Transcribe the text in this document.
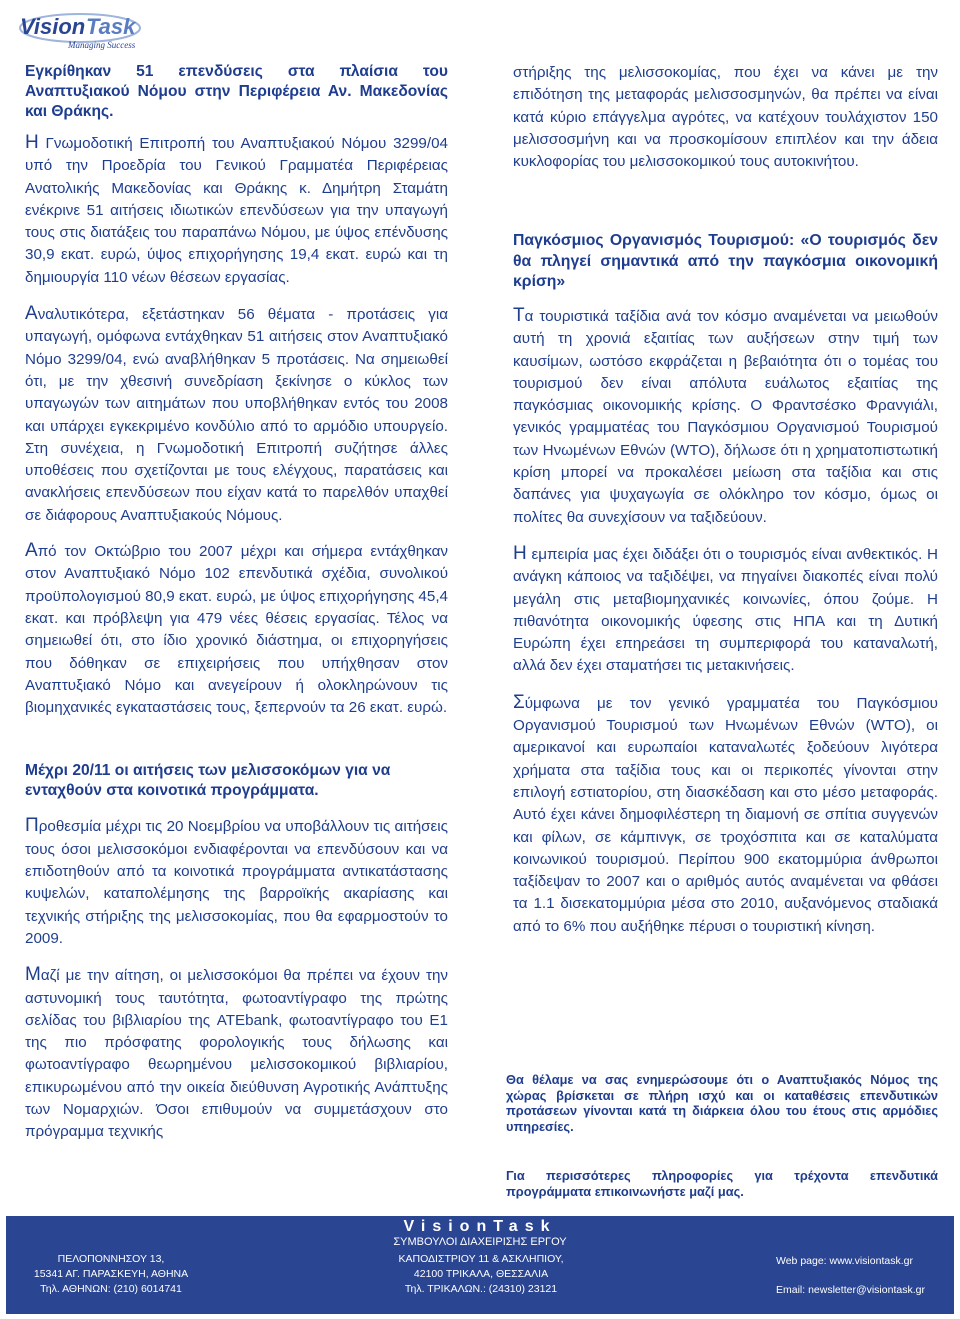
Vision Task
Managing Success
Εγκρίθηκαν 51 επενδύσεις στα πλαίσια του Αναπτυξιακού Νόμου στην Περιφέρεια Αν. Μακεδονίας και Θράκης.
Η Γνωμοδοτική Επιτροπή του Αναπτυξιακού Νόμου 3299/04 υπό την Προεδρία του Γενικού Γραμματέα Περιφέρειας Ανατολικής Μακεδονίας και Θράκης κ. Δημήτρη Σταμάτη ενέκρινε 51 αιτήσεις ιδιωτικών επενδύσεων για την υπαγωγή τους στις διατάξεις του παραπάνω Νόμου, με ύψος επένδυσης 30,9 εκατ. ευρώ, ύψος επιχορήγησης 19,4 εκατ. ευρώ και τη δημιουργία 110 νέων θέσεων εργασίας.
Αναλυτικότερα, εξετάστηκαν 56 θέματα - προτάσεις για υπαγωγή, ομόφωνα εντάχθηκαν 51 αιτήσεις στον Αναπτυξιακό Νόμο 3299/04, ενώ αναβλήθηκαν 5 προτάσεις. Να σημειωθεί ότι, με την χθεσινή συνεδρίαση ξεκίνησε ο κύκλος των υπαγωγών των αιτημάτων που υποβλήθηκαν εντός του 2008 και υπάρχει εγκεκριμένο κονδύλιο από το αρμόδιο υπουργείο. Στη συνέχεια, η Γνωμοδοτική Επιτροπή συζήτησε άλλες υποθέσεις που σχετίζονται με τους ελέγχους, παρατάσεις και ανακλήσεις επενδύσεων που είχαν κατά το παρελθόν υπαχθεί σε διάφορους Αναπτυξιακούς Νόμους.
Από τον Οκτώβριο του 2007 μέχρι και σήμερα εντάχθηκαν στον Αναπτυξιακό Νόμο 102 επενδυτικά σχέδια, συνολικού προϋπολογισμού 80,9 εκατ. ευρώ, με ύψος επιχορήγησης 45,4 εκατ. και πρόβλεψη για 479 νέες θέσεις εργασίας. Τέλος να σημειωθεί ότι, στο ίδιο χρονικό διάστημα, οι επιχορηγήσεις που δόθηκαν σε επιχειρήσεις που υπήχθησαν στον Αναπτυξιακό Νόμο και ανεγείρουν ή ολοκληρώνουν τις βιομηχανικές εγκαταστάσεις τους, ξεπερνούν τα 26 εκατ. ευρώ.
Μέχρι 20/11 οι αιτήσεις των μελισσοκόμων για να ενταχθούν στα κοινοτικά προγράμματα.
Προθεσμία μέχρι τις 20 Νοεμβρίου να υποβάλλουν τις αιτήσεις τους όσοι μελισσοκόμοι ενδιαφέρονται να επενδύσουν και να επιδοτηθούν από τα κοινοτικά προγράμματα αντικατάστασης κυψελών, καταπολέμησης της βαρροϊκής ακαρίασης και τεχνικής στήριξης της μελισσοκομίας, που θα εφαρμοστούν το 2009.
Μαζί με την αίτηση, οι μελισσοκόμοι θα πρέπει να έχουν την αστυνομική τους ταυτότητα, φωτοαντίγραφο της πρώτης σελίδας του βιβλιαρίου της ATEbank, φωτοαντίγραφο του Ε1 της πιο πρόσφατης φορολογικής τους δήλωσης και φωτοαντίγραφο θεωρημένου μελισσοκομικού βιβλιαρίου, επικυρωμένου από την οικεία διεύθυνση Αγροτικής Ανάπτυξης των Νομαρχιών. Όσοι επιθυμούν να συμμετάσχουν στο πρόγραμμα τεχνικής
στήριξης της μελισσοκομίας, που έχει να κάνει με την επιδότηση της μεταφοράς μελισσοσμηνών, θα πρέπει να είναι κατά κύριο επάγγελμα αγρότες, να κατέχουν τουλάχιστον 150 μελισσοσμήνη και να προσκομίσουν επιπλέον και την άδεια κυκλοφορίας του μελισσοκομικού τους αυτοκινήτου.
Παγκόσμιος Οργανισμός Τουρισμού: «Ο τουρισμός δεν θα πληγεί σημαντικά από την παγκόσμια οικονομική κρίση»
Τα τουριστικά ταξίδια ανά τον κόσμο αναμένεται να μειωθούν αυτή τη χρονιά εξαιτίας των αυξήσεων στην τιμή των καυσίμων, ωστόσο εκφράζεται η βεβαιότητα ότι ο τομέας του τουρισμού δεν είναι απόλυτα ευάλωτος εξαιτίας της παγκόσμιας οικονομικής κρίσης. Ο Φραντσέσκο Φρανγιάλι, γενικός γραμματέας του Παγκόσμιου Οργανισμού Τουρισμού των Ηνωμένων Εθνών (WTO), δήλωσε ότι η χρηματοπιστωτική κρίση μπορεί να προκαλέσει μείωση στα ταξίδια και στις δαπάνες για ψυχαγωγία σε ολόκληρο τον κόσμο, όμως οι πολίτες θα συνεχίσουν να ταξιδεύουν.
Η εμπειρία μας έχει διδάξει ότι ο τουρισμός είναι ανθεκτικός. Η ανάγκη κάποιος να ταξιδέψει, να πηγαίνει διακοπές είναι πολύ μεγάλη στις μεταβιομηχανικές κοινωνίες, όπου ζούμε. Η πιθανότητα οικονομικής ύφεσης στις ΗΠΑ και τη Δυτική Ευρώπη έχει επηρεάσει τη συμπεριφορά του καταναλωτή, αλλά δεν έχει σταματήσει τις μετακινήσεις.
Σύμφωνα με τον γενικό γραμματέα του Παγκόσμιου Οργανισμού Τουρισμού των Ηνωμένων Εθνών (WTO), οι αμερικανοί και ευρωπαίοι καταναλωτές ξοδεύουν λιγότερα χρήματα στα ταξίδια τους και οι περικοπές γίνονται στην επιλογή εστιατορίου, στη διασκέδαση και στο μέσο μεταφοράς. Αυτό έχει κάνει δημοφιλέστερη τη διαμονή σε σπίτια συγγενών και φίλων, σε κάμπινγκ, σε τροχόσπιτα και σε καταλύματα κοινωνικού τουρισμού. Περίπου 900 εκατομμύρια άνθρωποι ταξίδεψαν το 2007 και ο αριθμός αυτός αναμένεται να φθάσει τα 1.1 δισεκατομμύρια μέσα στο 2010, αυξανόμενος σταδιακά από το 6% που αυξήθηκε πέρυσι ο τουριστική κίνηση.
Θα θέλαμε να σας ενημερώσουμε ότι ο Αναπτυξιακός Νόμος της χώρας βρίσκεται σε πλήρη ισχύ και οι καταθέσεις επενδυτικών προτάσεων γίνονται κατά τη διάρκεια όλου του έτους στις αρμόδιες υπηρεσίες.
Για περισσότερες πληροφορίες για τρέχοντα επενδυτικά προγράμματα επικοινωνήστε μαζί μας.
VisionTask
ΣΥΜΒΟΥΛΟΙ ΔΙΑΧΕΙΡΙΣΗΣ ΕΡΓΟΥ
ΠΕΛΟΠΟΝΝΗΣΟΥ 13,
15341 ΑΓ. ΠΑΡΑΣΚΕΥΗ, ΑΘΗΝΑ
Τηλ. ΑΘΗΝΩΝ: (210) 6014741
ΚΑΠΟΔΙΣΤΡΙΟΥ 11 & ΑΣΚΛΗΠΙΟΥ,
42100 ΤΡΙΚΑΛΑ, ΘΕΣΣΑΛΙΑ
Τηλ. ΤΡΙΚΑΛΩΝ.: (24310) 23121
Web page: www.visiontask.gr
Email: newsletter@visiontask.gr
